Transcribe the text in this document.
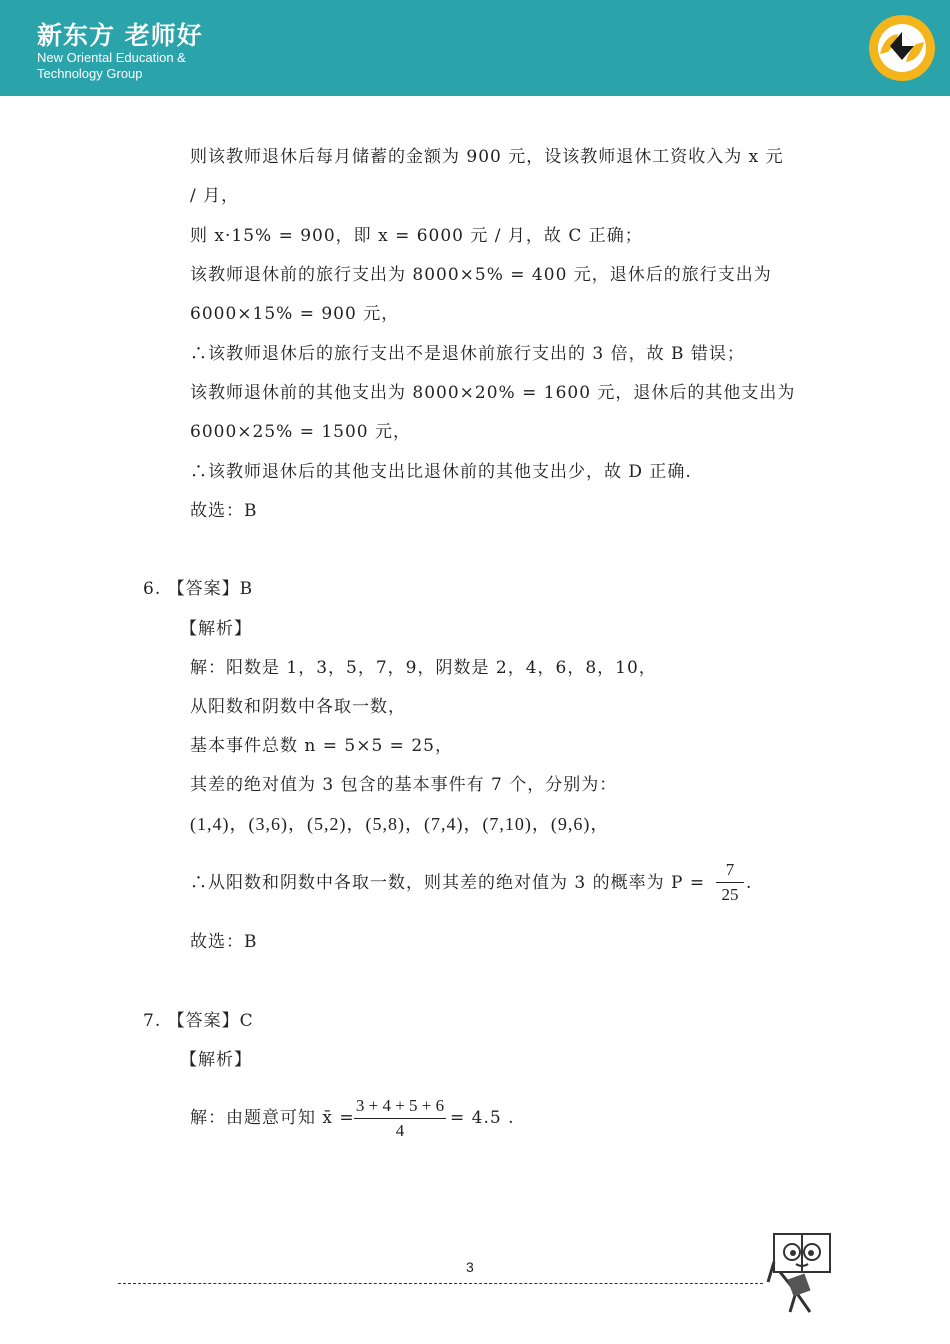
新东方 老师好
New Oriental Education &
Technology Group
则该教师退休后每月储蓄的金额为 900 元，设该教师退休工资收入为 x 元
/ 月，
则 x·15% = 900，即 x = 6000 元 / 月，故 C 正确；
该教师退休前的旅行支出为 8000×5% = 400 元，退休后的旅行支出为
6000×15% = 900 元，
∴该教师退休后的旅行支出不是退休前旅行支出的 3 倍，故 B 错误；
该教师退休前的其他支出为 8000×20% = 1600 元，退休后的其他支出为
6000×25% = 1500 元，
∴该教师退休后的其他支出比退休前的其他支出少，故 D 正确.
故选：B
6. 【答案】B
【解析】
解：阳数是 1，3，5，7，9，阴数是 2，4，6，8，10，
从阳数和阴数中各取一数，
基本事件总数 n = 5×5 = 25，
其差的绝对值为 3 包含的基本事件有 7 个，分别为：
(1,4)，(3,6)，(5,2)，(5,8)，(7,4)，(7,10)，(9,6)，
∴从阳数和阴数中各取一数，则其差的绝对值为 3 的概率为 P =
7
25
.
故选：B
7. 【答案】C
【解析】
解：由题意可知 x̄ =
3 + 4 + 5 + 6
4
= 4.5 .
3
